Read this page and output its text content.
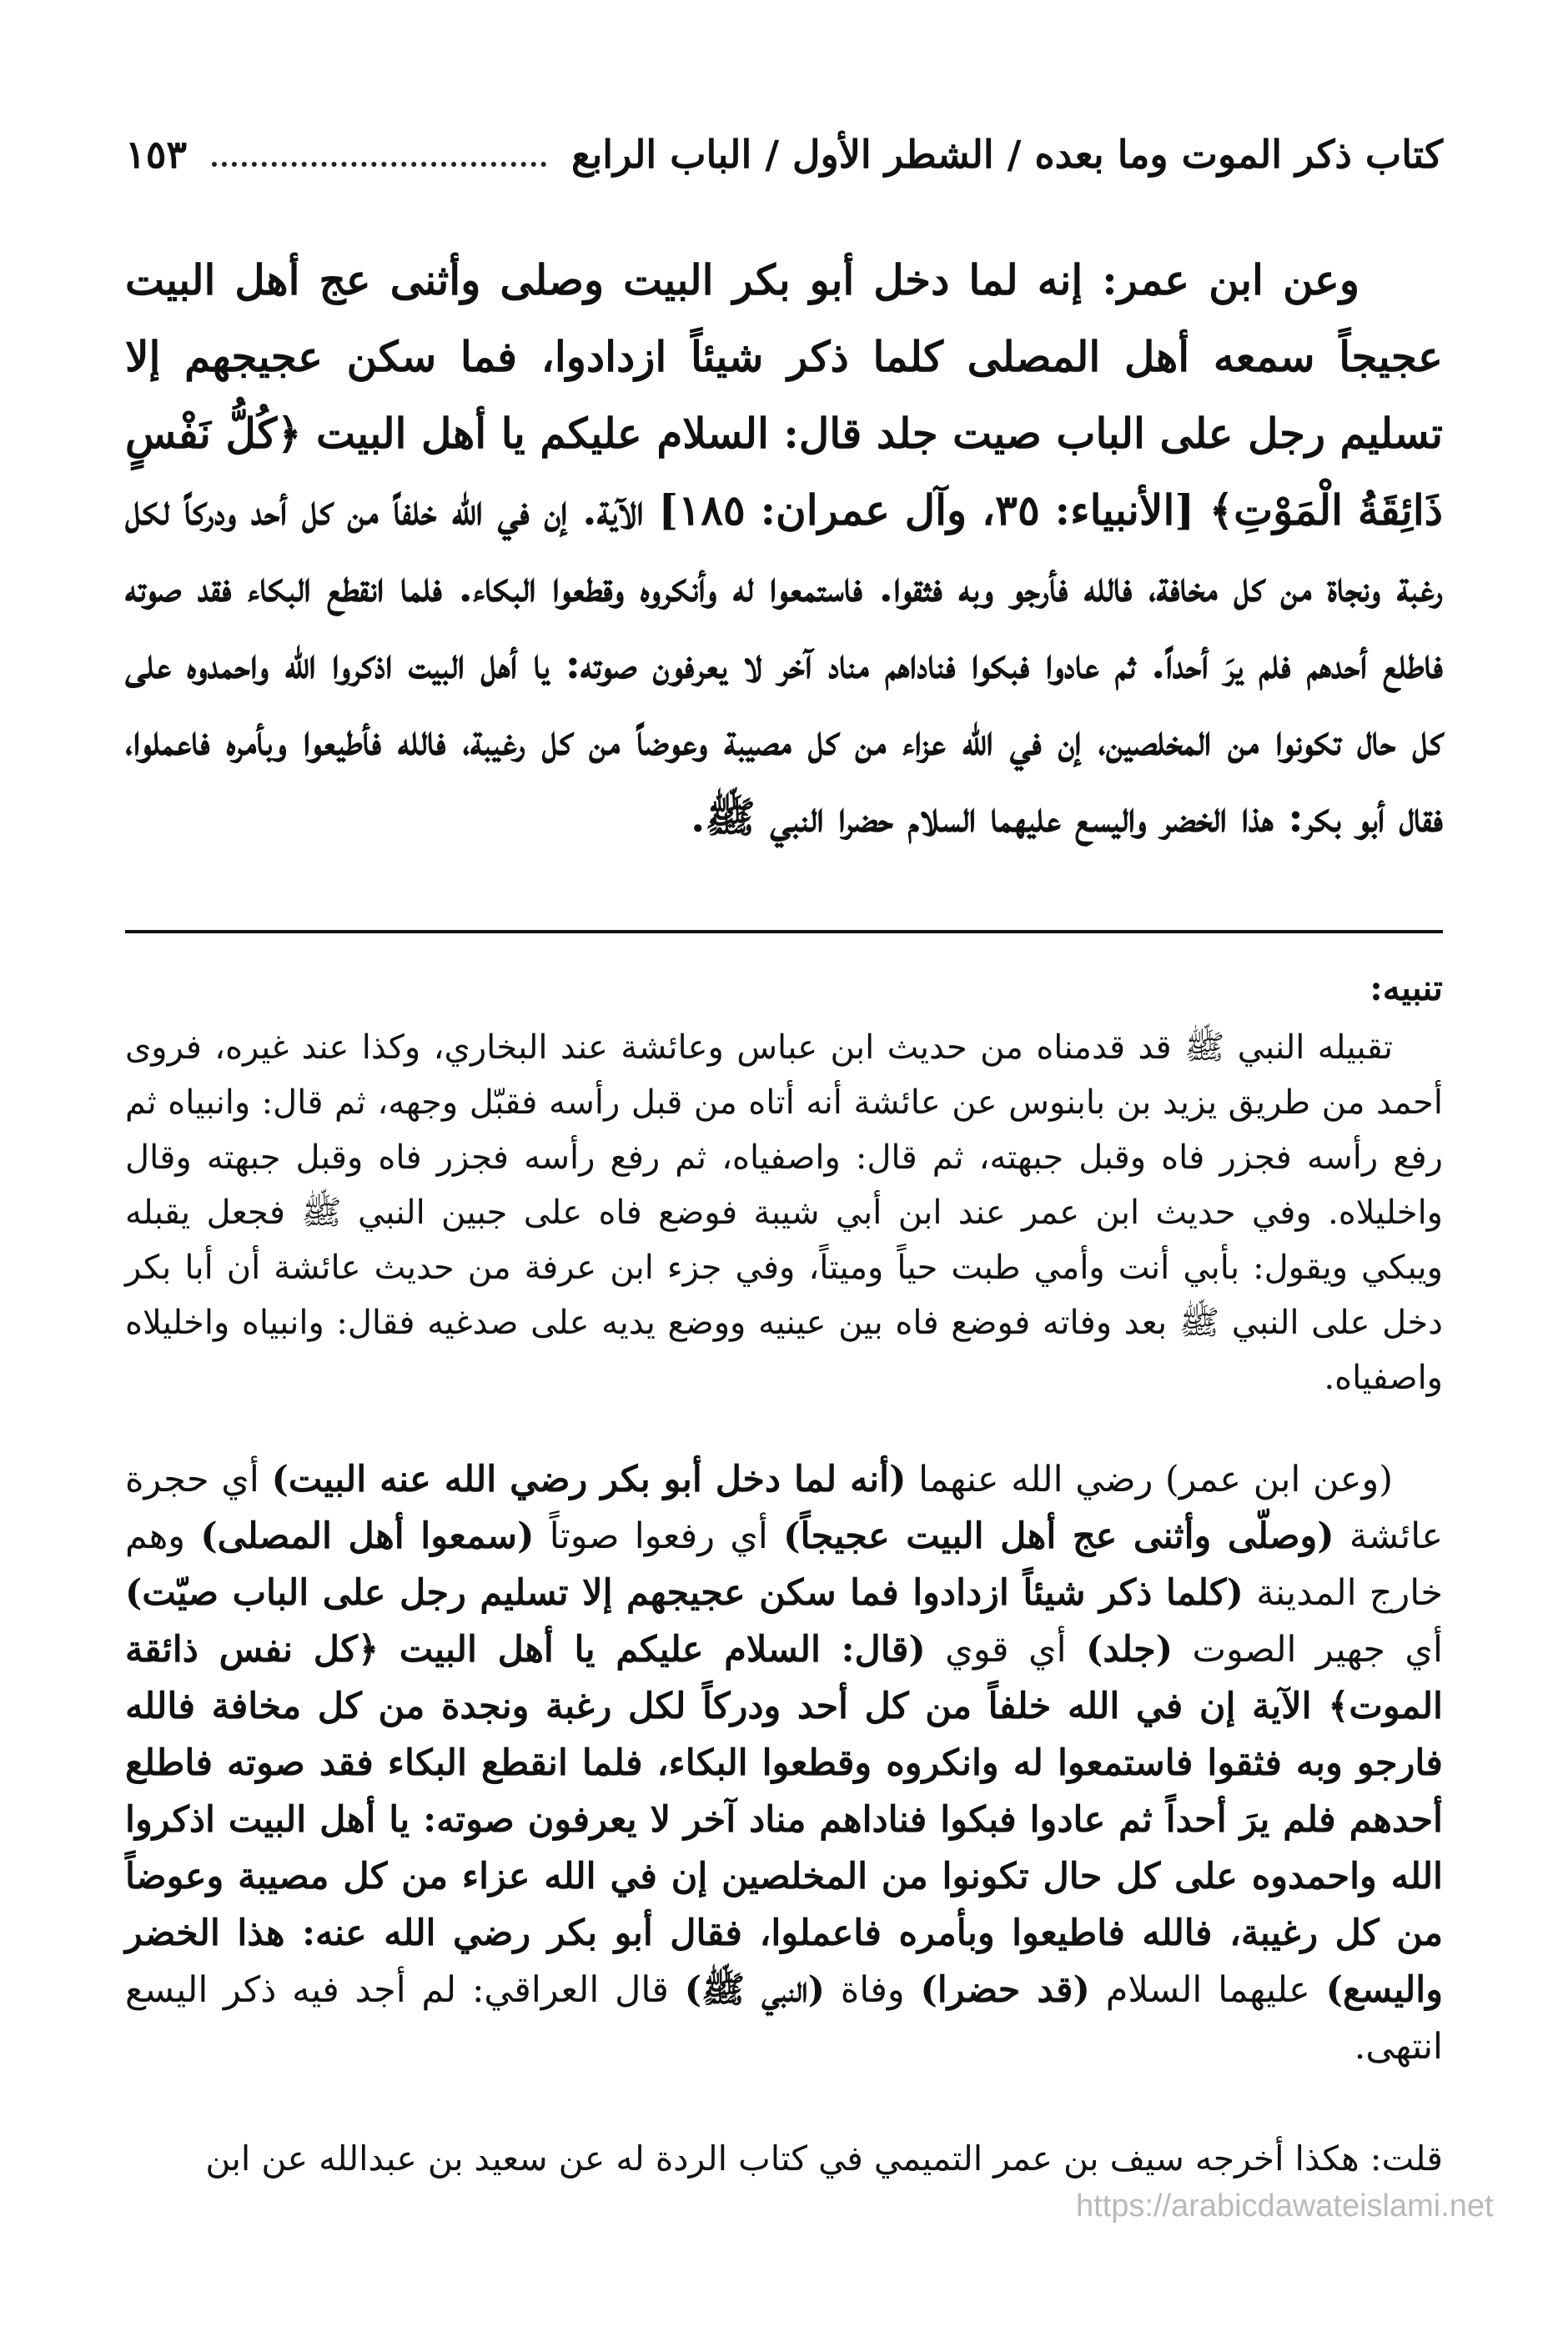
كتاب ذكر الموت وما بعده / الشطر الأول / الباب الرابع
١٥٣

وعن ابن عمر: إنه لما دخل أبو بكر البيت وصلى وأثنى عج أهل البيت عجيجاً سمعه أهل المصلى كلما ذكر شيئاً ازدادوا، فما سكن عجيجهم إلا تسليم رجل على الباب صيت جلد قال: السلام عليكم يا أهل البيت ﴿كُلُّ نَفْسٍ ذَائِقَةُ الْمَوْتِ﴾ [الأنبياء: ٣٥، وآل عمران: ١٨٥] الآية. إن في الله خلفاً من كل أحد ودركاً لكل رغبة ونجاة من كل مخافة، فالله فأرجو وبه فثقوا. فاستمعوا له وأنكروه وقطعوا البكاء. فلما انقطع البكاء فقد صوته فاطلع أحدهم فلم يرَ أحداً. ثم عادوا فبكوا فناداهم مناد آخر لا يعرفون صوته: يا أهل البيت اذكروا الله واحمدوه على كل حال تكونوا من المخلصين، إن في الله عزاء من كل مصيبة وعوضاً من كل رغيبة، فالله فأطيعوا وبأمره فاعملوا، فقال أبو بكر: هذا الخضر واليسع عليهما السلام حضرا النبي ﷺ.

تنبيه:

تقبيله النبي ﷺ قد قدمناه من حديث ابن عباس وعائشة عند البخاري، وكذا عند غيره، فروى أحمد من طريق يزيد بن بابنوس عن عائشة أنه أتاه من قبل رأسه فقبّل وجهه، ثم قال: وانبياه ثم رفع رأسه فجزر فاه وقبل جبهته، ثم قال: واصفياه، ثم رفع رأسه فجزر فاه وقبل جبهته وقال واخليلاه. وفي حديث ابن عمر عند ابن أبي شيبة فوضع فاه على جبين النبي ﷺ فجعل يقبله ويبكي ويقول: بأبي أنت وأمي طبت حياً وميتاً، وفي جزء ابن عرفة من حديث عائشة أن أبا بكر دخل على النبي ﷺ بعد وفاته فوضع فاه بين عينيه ووضع يديه على صدغيه فقال: وانبياه واخليلاه واصفياه.

(وعن ابن عمر) رضي الله عنهما (أنه لما دخل أبو بكر رضي الله عنه البيت) أي حجرة عائشة (وصلّى وأثنى عج أهل البيت عجيجاً) أي رفعوا صوتاً (سمعوا أهل المصلى) وهم خارج المدينة (كلما ذكر شيئاً ازدادوا فما سكن عجيجهم إلا تسليم رجل على الباب صيّت) أي جهير الصوت (جلد) أي قوي (قال: السلام عليكم يا أهل البيت ﴿كل نفس ذائقة الموت﴾ الآية إن في الله خلفاً من كل أحد ودركاً لكل رغبة ونجدة من كل مخافة فالله فارجو وبه فثقوا فاستمعوا له وانكروه وقطعوا البكاء، فلما انقطع البكاء فقد صوته فاطلع أحدهم فلم يرَ أحداً ثم عادوا فبكوا فناداهم مناد آخر لا يعرفون صوته: يا أهل البيت اذكروا الله واحمدوه على كل حال تكونوا من المخلصين إن في الله عزاء من كل مصيبة وعوضاً من كل رغيبة، فالله فاطيعوا وبأمره فاعملوا، فقال أبو بكر رضي الله عنه: هذا الخضر واليسع) عليهما السلام (قد حضرا) وفاة (النبي ﷺ) قال العراقي: لم أجد فيه ذكر اليسع انتهى.

قلت: هكذا أخرجه سيف بن عمر التميمي في كتاب الردة له عن سعيد بن عبدالله عن ابن
https://arabicdawateislami.net
